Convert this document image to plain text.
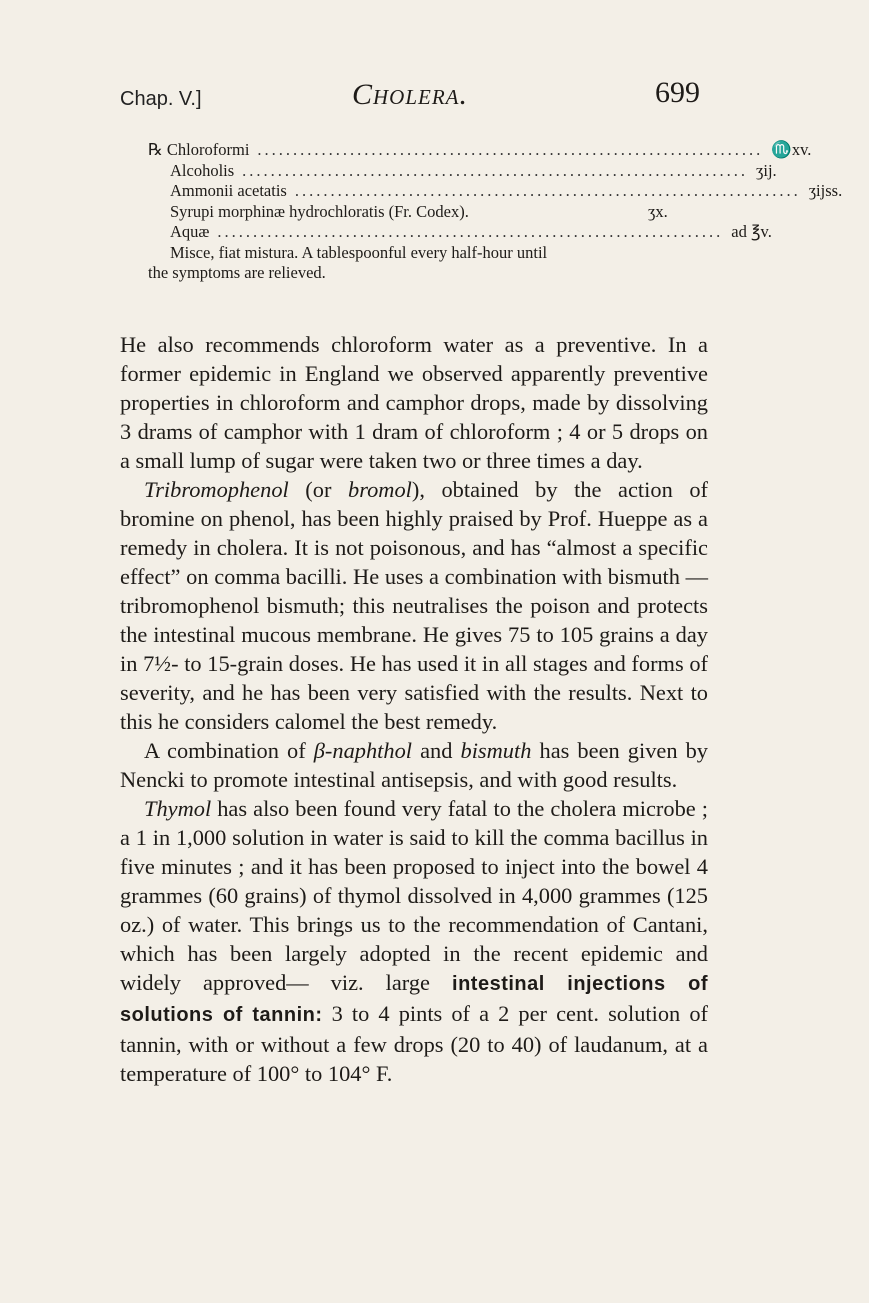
Chap. V.]	Cholera.	699
℞ Chloroformi ....................................................................... ♏xv.
Alcoholis ....................................................................... ʒij.
Ammonii acetatis ....................................................................... ʒijss.
Syrupi morphinæ hydrochloratis (Fr. Codex).	ʒx.
Aquæ ....................................................................... ad ℥v.

Misce, fiat mistura. A tablespoonful every half-hour until

the symptoms are relieved.

He also recommends chloroform water as a preventive. In a former epidemic in England we observed apparently preventive properties in chloroform and camphor drops, made by dissolving 3 drams of camphor with 1 dram of chloroform ; 4 or 5 drops on a small lump of sugar were taken two or three times a day.

Tribromophenol (or bromol), obtained by the action of bromine on phenol, has been highly praised by Prof. Hueppe as a remedy in cholera. It is not poisonous, and has “almost a specific effect” on comma bacilli. He uses a combination with bismuth —tribromophenol bismuth; this neutralises the poison and protects the intestinal mucous membrane. He gives 75 to 105 grains a day in 7½- to 15-grain doses. He has used it in all stages and forms of severity, and he has been very satisfied with the results. Next to this he considers calomel the best remedy.

A combination of β-naphthol and bismuth has been given by Nencki to promote intestinal antisepsis, and with good results.

Thymol has also been found very fatal to the cholera microbe ; a 1 in 1,000 solution in water is said to kill the comma bacillus in five minutes ; and it has been proposed to inject into the bowel 4 grammes (60 grains) of thymol dissolved in 4,000 grammes (125 oz.) of water. This brings us to the recommendation of Cantani, which has been largely adopted in the recent epidemic and widely approved— viz. large intestinal injections of solutions of tannin: 3 to 4 pints of a 2 per cent. solution of tannin, with or without a few drops (20 to 40) of laudanum, at a temperature of 100° to 104° F.
